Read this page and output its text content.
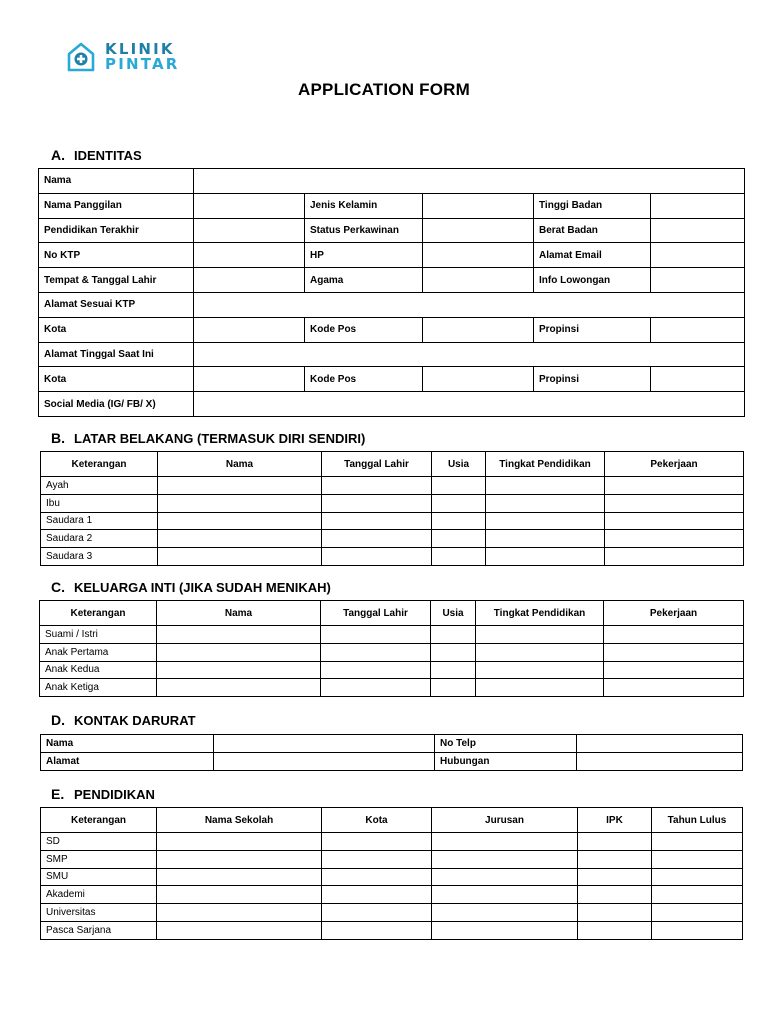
KLINIK
PINTAR
APPLICATION FORM
A. IDENTITAS
Nama					
Nama Panggilan		Jenis Kelamin		Tinggi Badan	
Pendidikan Terakhir		Status Perkawinan		Berat Badan	
No KTP		HP		Alamat Email	
Tempat & Tanggal Lahir		Agama		Info Lowongan	
Alamat Sesuai KTP					
Kota		Kode Pos		Propinsi	
Alamat Tinggal Saat Ini					
Kota		Kode Pos		Propinsi	
Social Media (IG/ FB/ X)					
B. LATAR BELAKANG (TERMASUK DIRI SENDIRI)
Keterangan	Nama	Tanggal Lahir	Usia	Tingkat Pendidikan	Pekerjaan
Ayah					
Ibu					
Saudara 1					
Saudara 2					
Saudara 3					
C. KELUARGA INTI (JIKA SUDAH MENIKAH)
Keterangan	Nama	Tanggal Lahir	Usia	Tingkat Pendidikan	Pekerjaan
Suami / Istri					
Anak Pertama					
Anak Kedua					
Anak Ketiga					
D. KONTAK DARURAT
Nama		No Telp	
Alamat		Hubungan	
E. PENDIDIKAN
Keterangan	Nama Sekolah	Kota	Jurusan	IPK	Tahun Lulus
SD					
SMP					
SMU					
Akademi					
Universitas					
Pasca Sarjana					
